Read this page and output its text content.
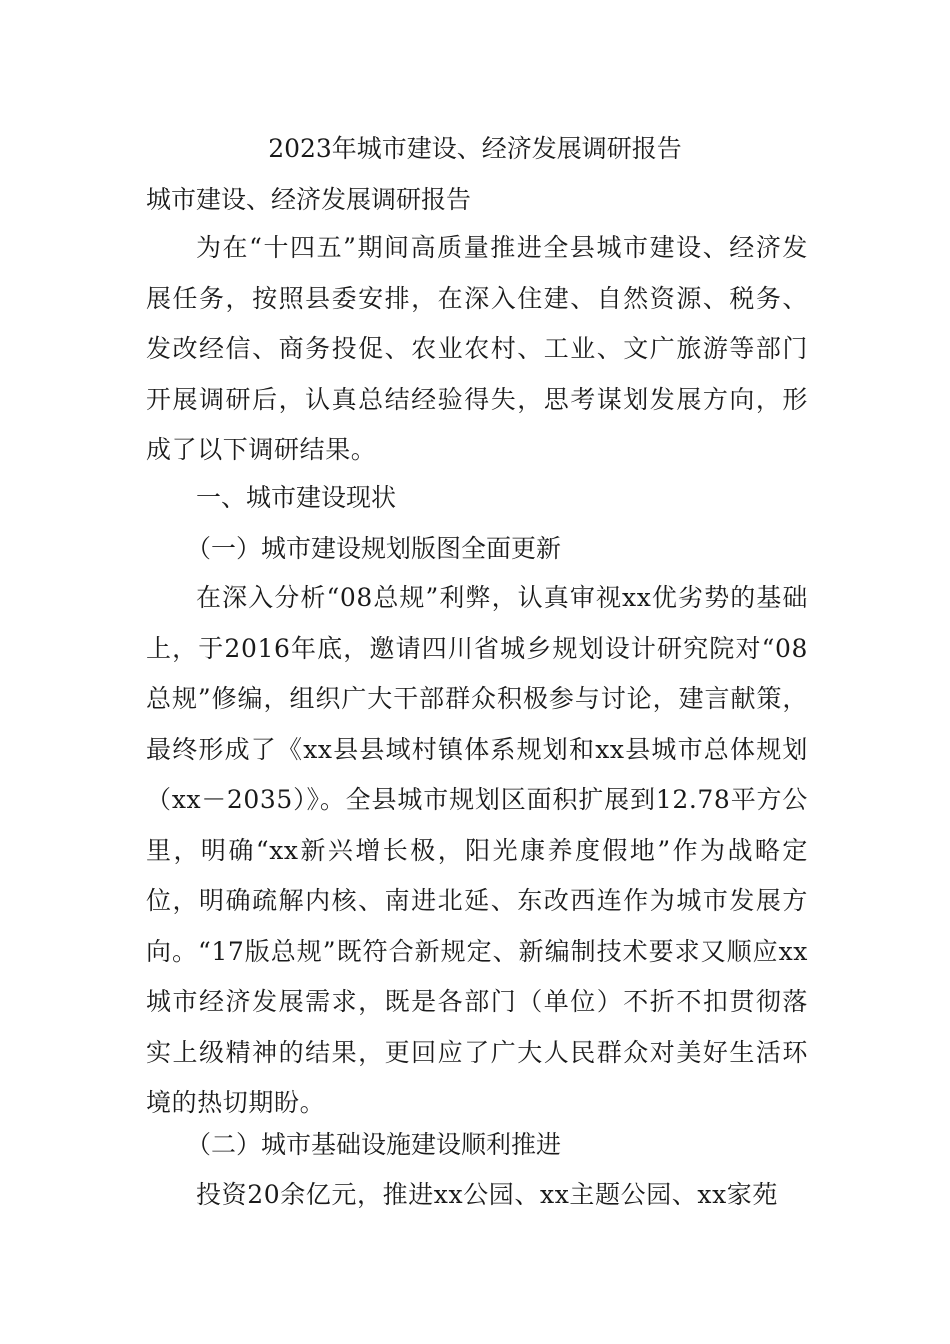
2023年城市建设、经济发展调研报告

城市建设、经济发展调研报告

为在“十四五”期间高质量推进全县城市建设、经济发展任务，按照县委安排，在深入住建、自然资源、税务、发改经信、商务投促、农业农村、工业、文广旅游等部门开展调研后，认真总结经验得失，思考谋划发展方向，形成了以下调研结果。

一、城市建设现状

（一）城市建设规划版图全面更新

在深入分析“08总规”利弊，认真审视xx优劣势的基础上，于2016年底，邀请四川省城乡规划设计研究院对“08总规”修编，组织广大干部群众积极参与讨论，建言献策，最终形成了《xx县县域村镇体系规划和xx县城市总体规划（xx－2035）》。全县城市规划区面积扩展到12.78平方公里，明确“xx新兴增长极，阳光康养度假地”作为战略定位，明确疏解内核、南进北延、东改西连作为城市发展方向。“17版总规”既符合新规定、新编制技术要求又顺应xx城市经济发展需求，既是各部门（单位）不折不扣贯彻落实上级精神的结果，更回应了广大人民群众对美好生活环境的热切期盼。

（二）城市基础设施建设顺利推进

投资20余亿元，推进xx公园、xx主题公园、xx家苑
